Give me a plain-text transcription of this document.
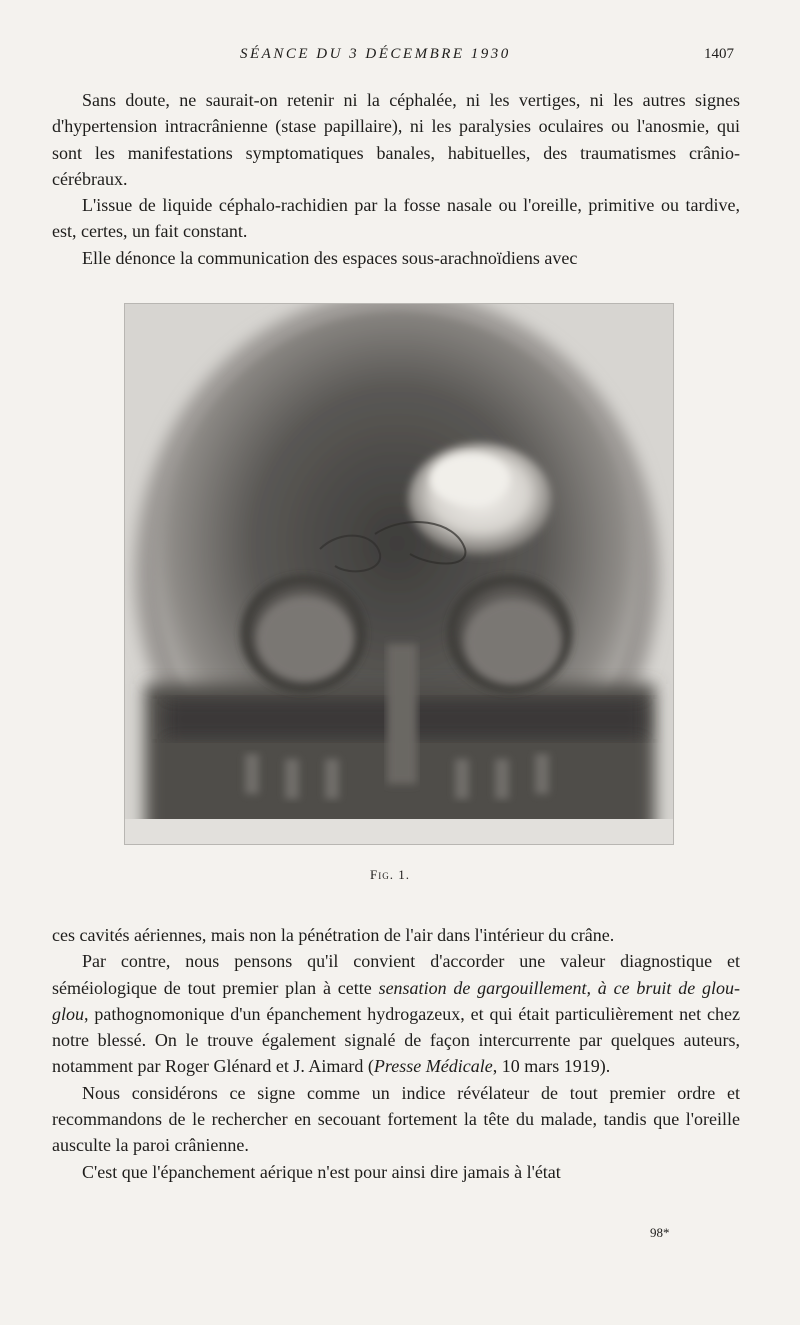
SÉANCE DU 3 DÉCEMBRE 1930	1407

Sans doute, ne saurait-on retenir ni la céphalée, ni les vertiges, ni les autres signes d'hypertension intracrânienne (stase papillaire), ni les paralysies oculaires ou l'anosmie, qui sont les manifestations symptomatiques banales, habituelles, des traumatismes crânio-cérébraux.

L'issue de liquide céphalo-rachidien par la fosse nasale ou l'oreille, primitive ou tardive, est, certes, un fait constant.

Elle dénonce la communication des espaces sous-arachnoïdiens avec

Fig. 1.

ces cavités aériennes, mais non la pénétration de l'air dans l'intérieur du crâne.

Par contre, nous pensons qu'il convient d'accorder une valeur diagnostique et séméiologique de tout premier plan à cette sensation de gargouillement, à ce bruit de glou-glou, pathognomonique d'un épanchement hydrogazeux, et qui était particulièrement net chez notre blessé. On le trouve également signalé de façon intercurrente par quelques auteurs, notamment par Roger Glénard et J. Aimard (Presse Médicale, 10 mars 1919).

Nous considérons ce signe comme un indice révélateur de tout premier ordre et recommandons de le rechercher en secouant fortement la tête du malade, tandis que l'oreille ausculte la paroi crânienne.

C'est que l'épanchement aérique n'est pour ainsi dire jamais à l'état

98*
